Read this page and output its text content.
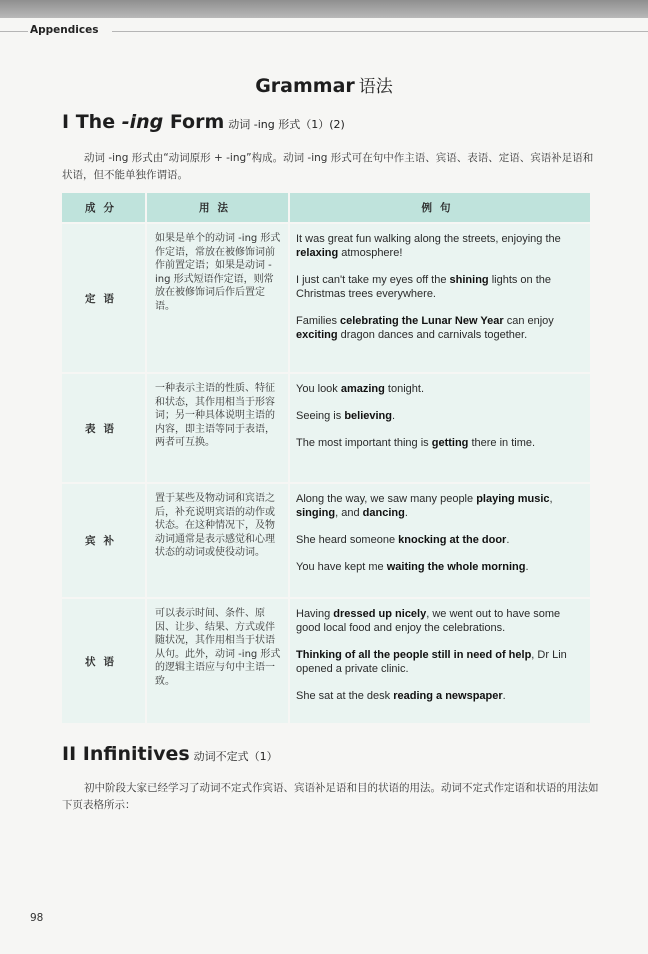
Appendices
Grammar 语法
I The -ing Form 动词 -ing 形式（1）(2)

动词 -ing 形式由“动词原形 + -ing”构成。动词 -ing 形式可在句中作主语、宾语、表语、定语、宾语补足语和状语，但不能单独作谓语。

成分	用法	例句
定语	如果是单个的动词 -ing 形式作定语，常放在被修饰词前作前置定语；如果是动词 -ing 形式短语作定语，则常放在被修饰词后作后置定语。	It was great fun walking along the streets, enjoying the relaxing atmosphere!

I just can't take my eyes off the shining lights on the Christmas trees everywhere.

Families celebrating the Lunar New Year can enjoy exciting dragon dances and carnivals together.

表语	一种表示主语的性质、特征和状态，其作用相当于形容词；另一种具体说明主语的内容，即主语等同于表语，两者可互换。	You look amazing tonight.

Seeing is believing.

The most important thing is getting there in time.

宾补	置于某些及物动词和宾语之后，补充说明宾语的动作或状态。在这种情况下，及物动词通常是表示感觉和心理状态的动词或使役动词。	Along the way, we saw many people playing music, singing, and dancing.

She heard someone knocking at the door.

You have kept me waiting the whole morning.

状语	可以表示时间、条件、原因、让步、结果、方式或伴随状况，其作用相当于状语从句。此外，动词 -ing 形式的逻辑主语应与句中主语一致。	Having dressed up nicely, we went out to have some good local food and enjoy the celebrations.

Thinking of all the people still in need of help, Dr Lin opened a private clinic.

She sat at the desk reading a newspaper.

II Infinitives 动词不定式（1）

初中阶段大家已经学习了动词不定式作宾语、宾语补足语和目的状语的用法。动词不定式作定语和状语的用法如下页表格所示：

98
